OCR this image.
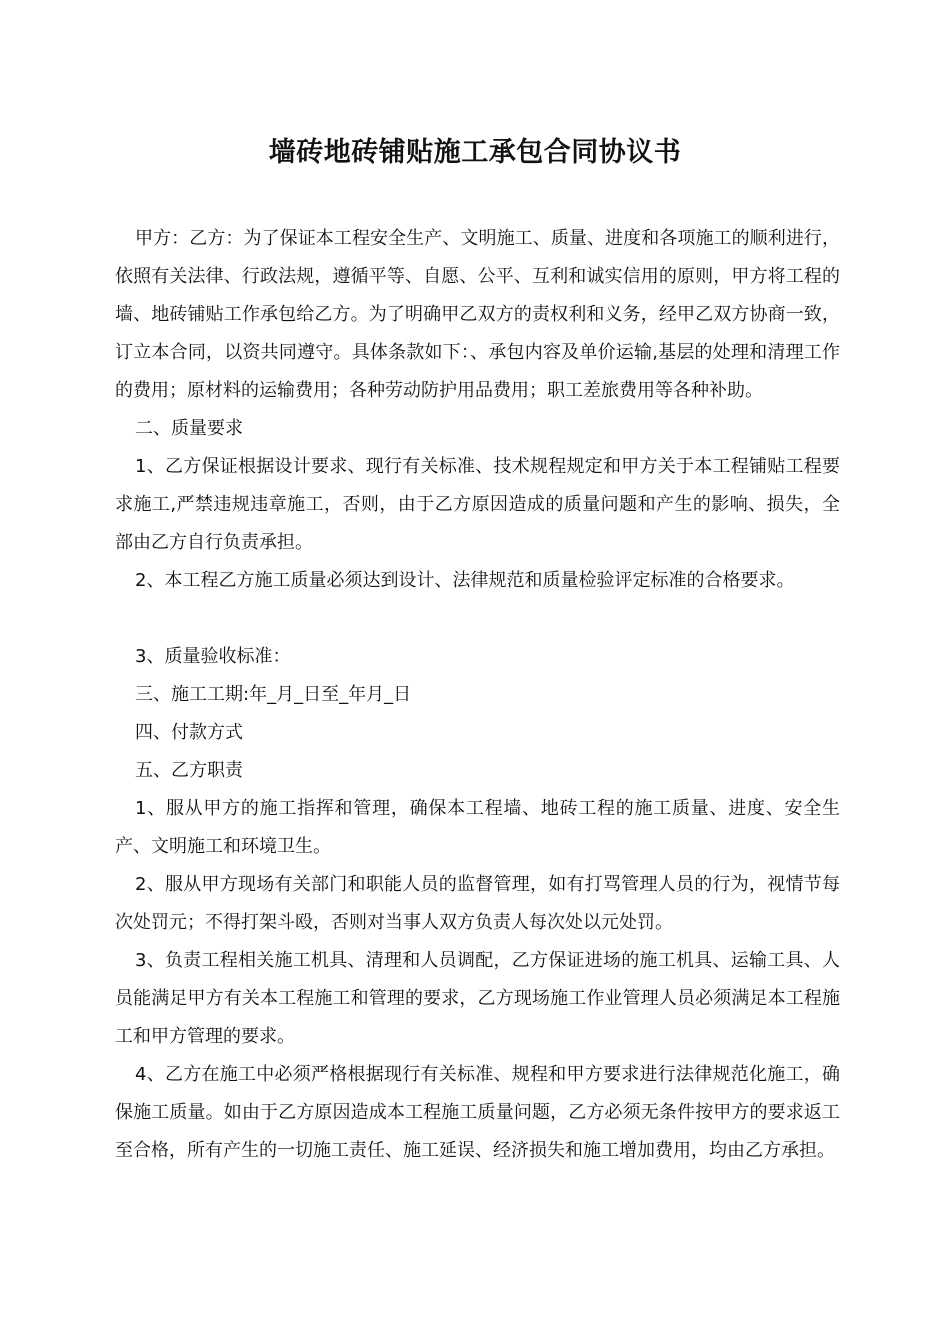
墙砖地砖铺贴施工承包合同协议书

甲方：乙方：为了保证本工程安全生产、文明施工、质量、进度和各项施工的顺利进行，依照有关法律、行政法规，遵循平等、自愿、公平、互利和诚实信用的原则，甲方将工程的墙、地砖铺贴工作承包给乙方。为了明确甲乙双方的责权利和义务，经甲乙双方协商一致，订立本合同，以资共同遵守。具体条款如下：、承包内容及单价运输,基层的处理和清理工作的费用；原材料的运输费用；各种劳动防护用品费用；职工差旅费用等各种补助。

二、质量要求

1、乙方保证根据设计要求、现行有关标准、技术规程规定和甲方关于本工程铺贴工程要求施工,严禁违规违章施工，否则，由于乙方原因造成的质量问题和产生的影响、损失，全部由乙方自行负责承担。

2、本工程乙方施工质量必须达到设计、法律规范和质量检验评定标准的合格要求。

3、质量验收标准：

三、施工工期:年_月_日至_年月_日

四、付款方式

五、乙方职责

1、服从甲方的施工指挥和管理，确保本工程墙、地砖工程的施工质量、进度、安全生产、文明施工和环境卫生。

2、服从甲方现场有关部门和职能人员的监督管理，如有打骂管理人员的行为，视情节每次处罚元；不得打架斗殴，否则对当事人双方负责人每次处以元处罚。

3、负责工程相关施工机具、清理和人员调配，乙方保证进场的施工机具、运输工具、人员能满足甲方有关本工程施工和管理的要求，乙方现场施工作业管理人员必须满足本工程施工和甲方管理的要求。

4、乙方在施工中必须严格根据现行有关标准、规程和甲方要求进行法律规范化施工，确保施工质量。如由于乙方原因造成本工程施工质量问题，乙方必须无条件按甲方的要求返工至合格，所有产生的一切施工责任、施工延误、经济损失和施工增加费用，均由乙方承担。
